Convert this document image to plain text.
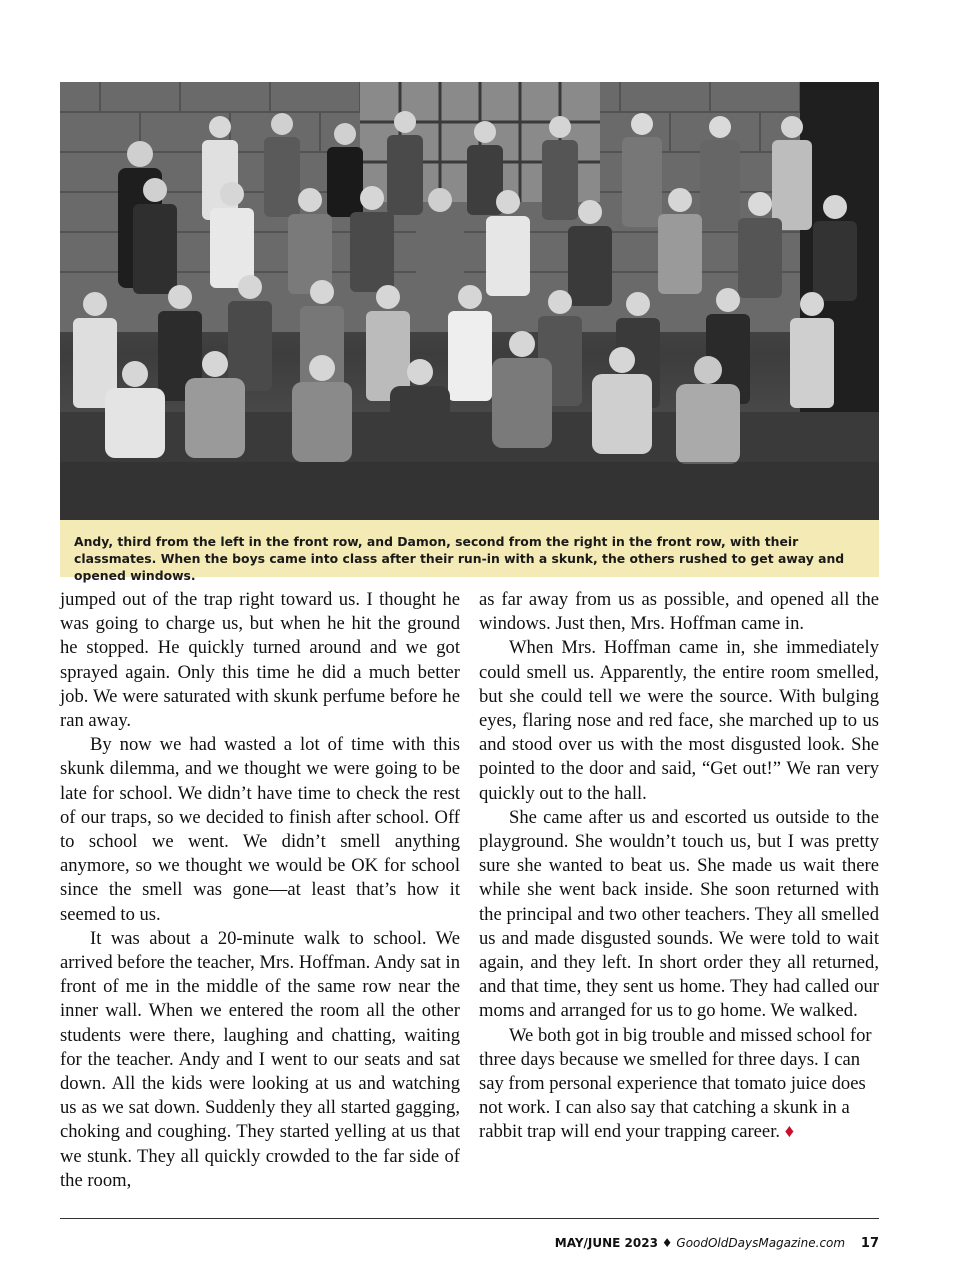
Andy, third from the left in the front row, and Damon, second from the right in the front row, with their classmates. When the boys came into class after their run-in with a skunk, the others rushed to get away and opened windows.

jumped out of the trap right toward us. I thought he was going to charge us, but when he hit the ground he stopped. He quickly turned around and we got sprayed again. Only this time he did a much better job. We were saturated with skunk perfume before he ran away.

By now we had wasted a lot of time with this skunk dilemma, and we thought we were going to be late for school. We didn’t have time to check the rest of our traps, so we decided to finish after school. Off to school we went. We didn’t smell anything anymore, so we thought we would be OK for school since the smell was gone—at least that’s how it seemed to us.

It was about a 20-minute walk to school. We arrived before the teacher, Mrs. Hoffman. Andy sat in front of me in the middle of the same row near the inner wall. When we entered the room all the other students were there, laughing and chatting, waiting for the teacher. Andy and I went to our seats and sat down. All the kids were looking at us and watching us as we sat down. Suddenly they all started gagging, choking and coughing. They started yelling at us that we stunk. They all quickly crowded to the far side of the room,

as far away from us as possible, and opened all the windows. Just then, Mrs. Hoffman came in.

When Mrs. Hoffman came in, she immediately could smell us. Apparently, the entire room smelled, but she could tell we were the source. With bulging eyes, flaring nose and red face, she marched up to us and stood over us with the most disgusted look. She pointed to the door and said, “Get out!” We ran very quickly out to the hall.

She came after us and escorted us outside to the playground. She wouldn’t touch us, but I was pretty sure she wanted to beat us. She made us wait there while she went back inside. She soon returned with the principal and two other teachers. They all smelled us and made disgusted sounds. We were told to wait again, and they left. In short order they all returned, and that time, they sent us home. They had called our moms and arranged for us to go home. We walked.

We both got in big trouble and missed school for three days because we smelled for three days. I can say from personal experience that tomato juice does not work. I can also say that catching a skunk in a rabbit trap will end your trapping career. ♦

MAY/JUNE 2023 ♦ GoodOldDaysMagazine.com 17
